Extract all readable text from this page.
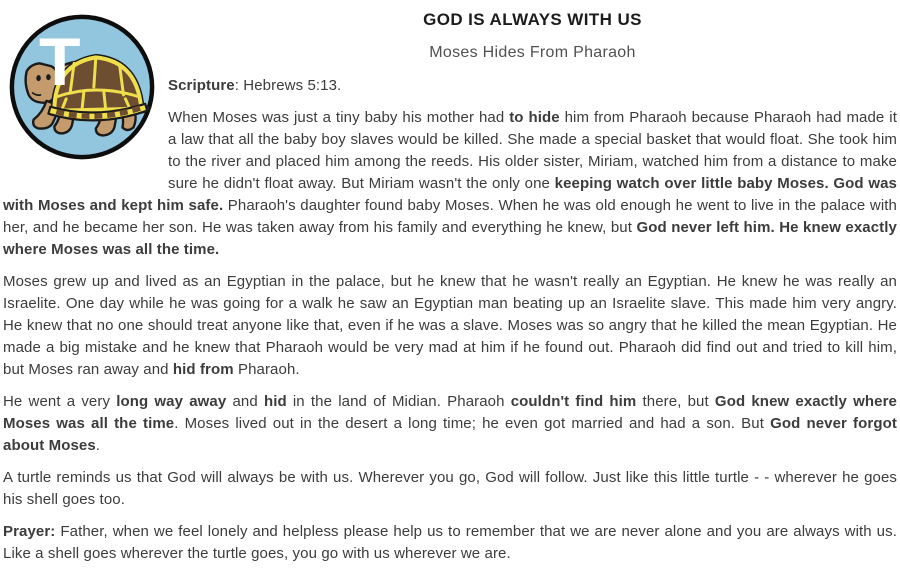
T
GOD IS ALWAYS WITH US
Moses Hides From Pharaoh

Scripture: Hebrews 5:13.

When Moses was just a tiny baby his mother had to hide him from Pharaoh because Pharaoh had made it a law that all the baby boy slaves would be killed. She made a special basket that would float. She took him to the river and placed him among the reeds. His older sister, Miriam, watched him from a distance to make sure he didn't float away. But Miriam wasn't the only one keeping watch over little baby Moses. God was with Moses and kept him safe. Pharaoh's daughter found baby Moses. When he was old enough he went to live in the palace with her, and he became her son. He was taken away from his family and everything he knew, but God never left him. He knew exactly where Moses was all the time.

Moses grew up and lived as an Egyptian in the palace, but he knew that he wasn't really an Egyptian. He knew he was really an Israelite. One day while he was going for a walk he saw an Egyptian man beating up an Israelite slave. This made him very angry. He knew that no one should treat anyone like that, even if he was a slave. Moses was so angry that he killed the mean Egyptian. He made a big mistake and he knew that Pharaoh would be very mad at him if he found out. Pharaoh did find out and tried to kill him, but Moses ran away and hid from Pharaoh.

He went a very long way away and hid in the land of Midian. Pharaoh couldn't find him there, but God knew exactly where Moses was all the time. Moses lived out in the desert a long time; he even got married and had a son. But God never forgot about Moses.

A turtle reminds us that God will always be with us. Wherever you go, God will follow. Just like this little turtle - - wherever he goes his shell goes too.

Prayer: Father, when we feel lonely and helpless please help us to remember that we are never alone and you are always with us. Like a shell goes wherever the turtle goes, you go with us wherever we are.
